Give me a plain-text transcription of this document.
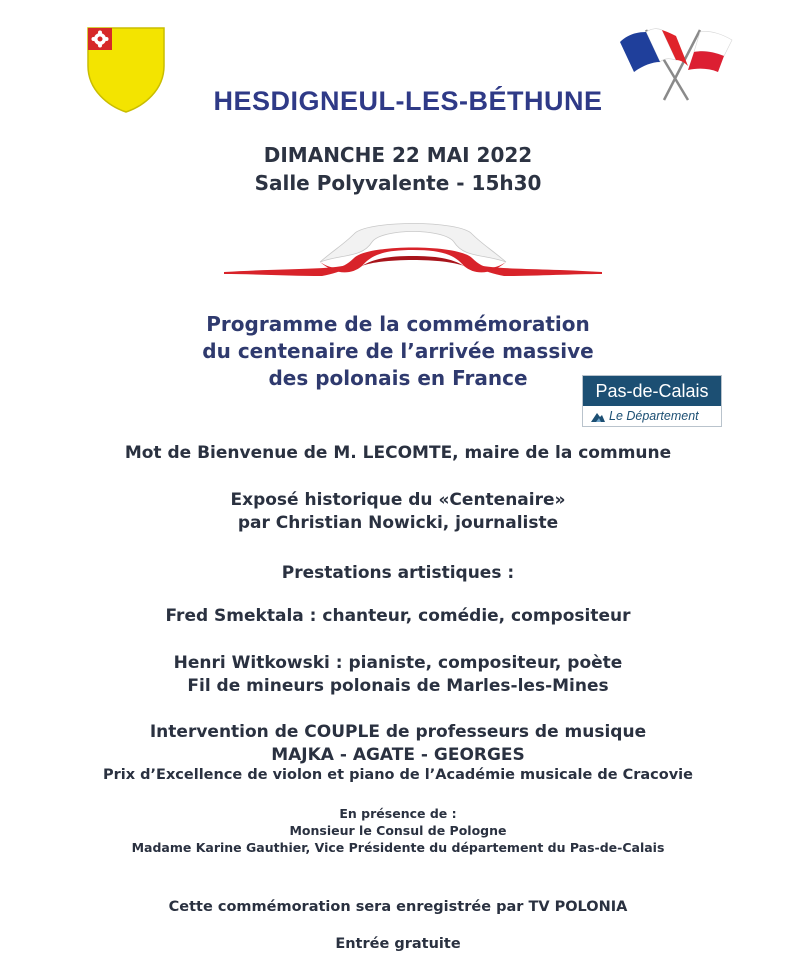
HESDIGNEUL-LES-BÉTHUNE
DIMANCHE 22 MAI 2022
Salle Polyvalente - 15h30
Programme de la commémoration
du centenaire de l’arrivée massive
des polonais en France
Pas-de-Calais
Le Département
Mot de Bienvenue de M. LECOMTE, maire de la commune
Exposé historique du «Centenaire»
par Christian Nowicki, journaliste
Prestations artistiques :
Fred Smektala : chanteur, comédie, compositeur
Henri Witkowski : pianiste, compositeur, poète
Fil de mineurs polonais de Marles-les-Mines
Intervention de COUPLE de professeurs de musique
MAJKA - AGATE - GEORGES
Prix d’Excellence de violon et piano de l’Académie musicale de Cracovie
En présence de :
Monsieur le Consul de Pologne
Madame Karine Gauthier, Vice Présidente du département du Pas-de-Calais
Cette commémoration sera enregistrée par TV POLONIA
Entrée gratuite
